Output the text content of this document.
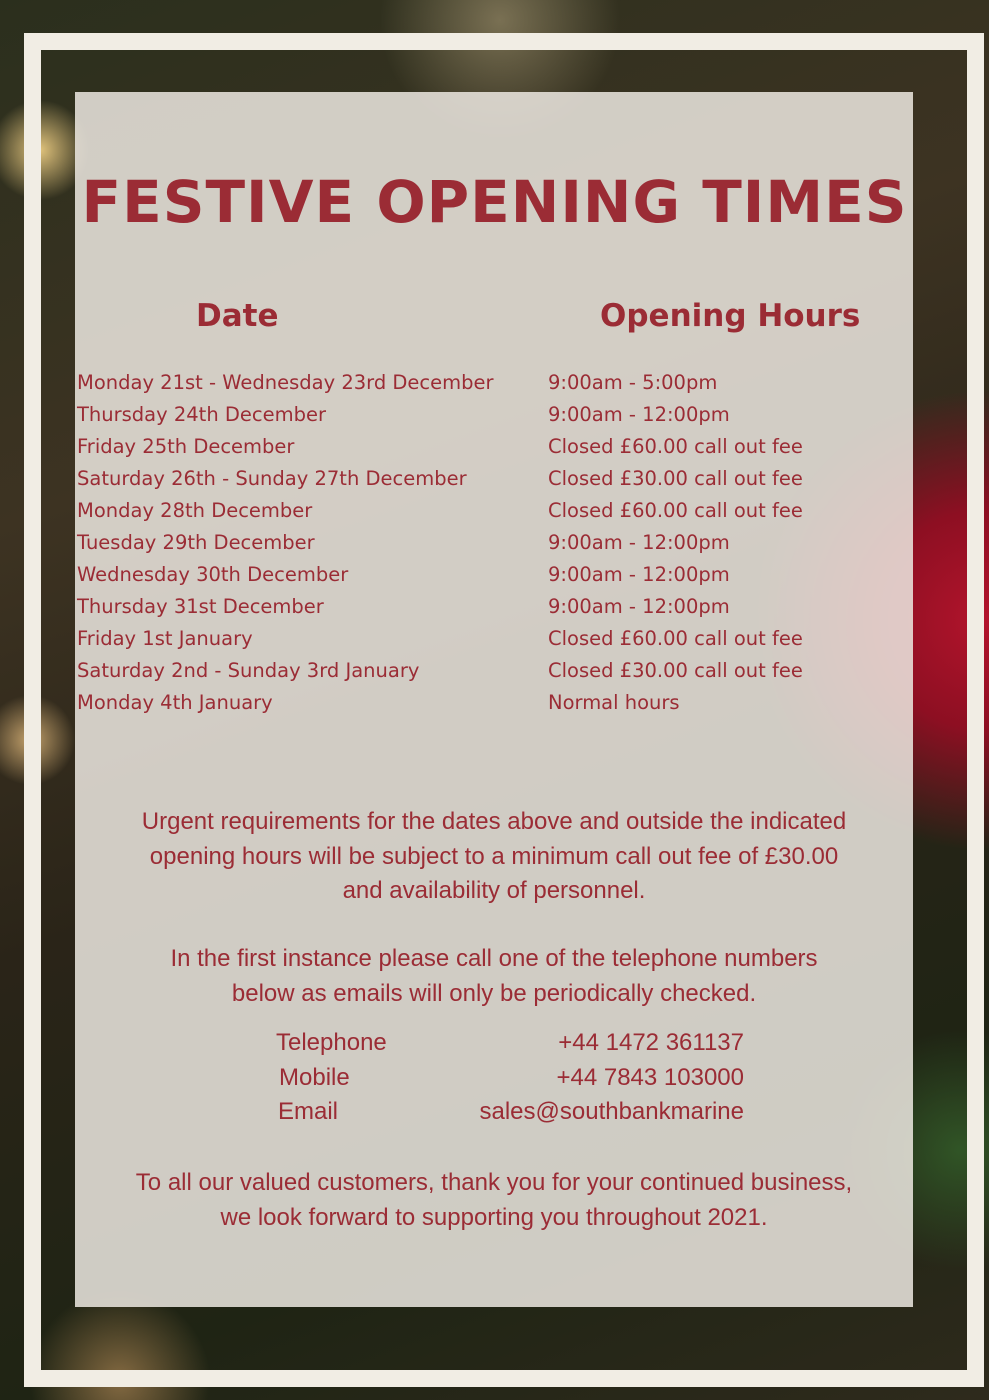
FESTIVE OPENING TIMES
Date	Opening Hours
Monday 21st - Wednesday 23rd December	9:00am - 5:00pm
Thursday 24th December	9:00am - 12:00pm
Friday 25th December	Closed £60.00 call out fee
Saturday 26th - Sunday 27th December	Closed £30.00 call out fee
Monday 28th December	Closed £60.00 call out fee
Tuesday 29th December	9:00am - 12:00pm
Wednesday 30th December	9:00am - 12:00pm
Thursday 31st December	9:00am - 12:00pm
Friday 1st January	Closed £60.00 call out fee
Saturday 2nd - Sunday 3rd January	Closed £30.00 call out fee
Monday 4th January	Normal hours

Urgent requirements for the dates above and outside the indicated
opening hours will be subject to a minimum call out fee of £30.00
and availability of personnel.

In the first instance please call one of the telephone numbers
below as emails will only be periodically checked.

Telephone	+44 1472 361137
Mobile	+44 7843 103000
Email	sales@southbankmarine

To all our valued customers, thank you for your continued business,
we look forward to supporting you throughout 2021.
